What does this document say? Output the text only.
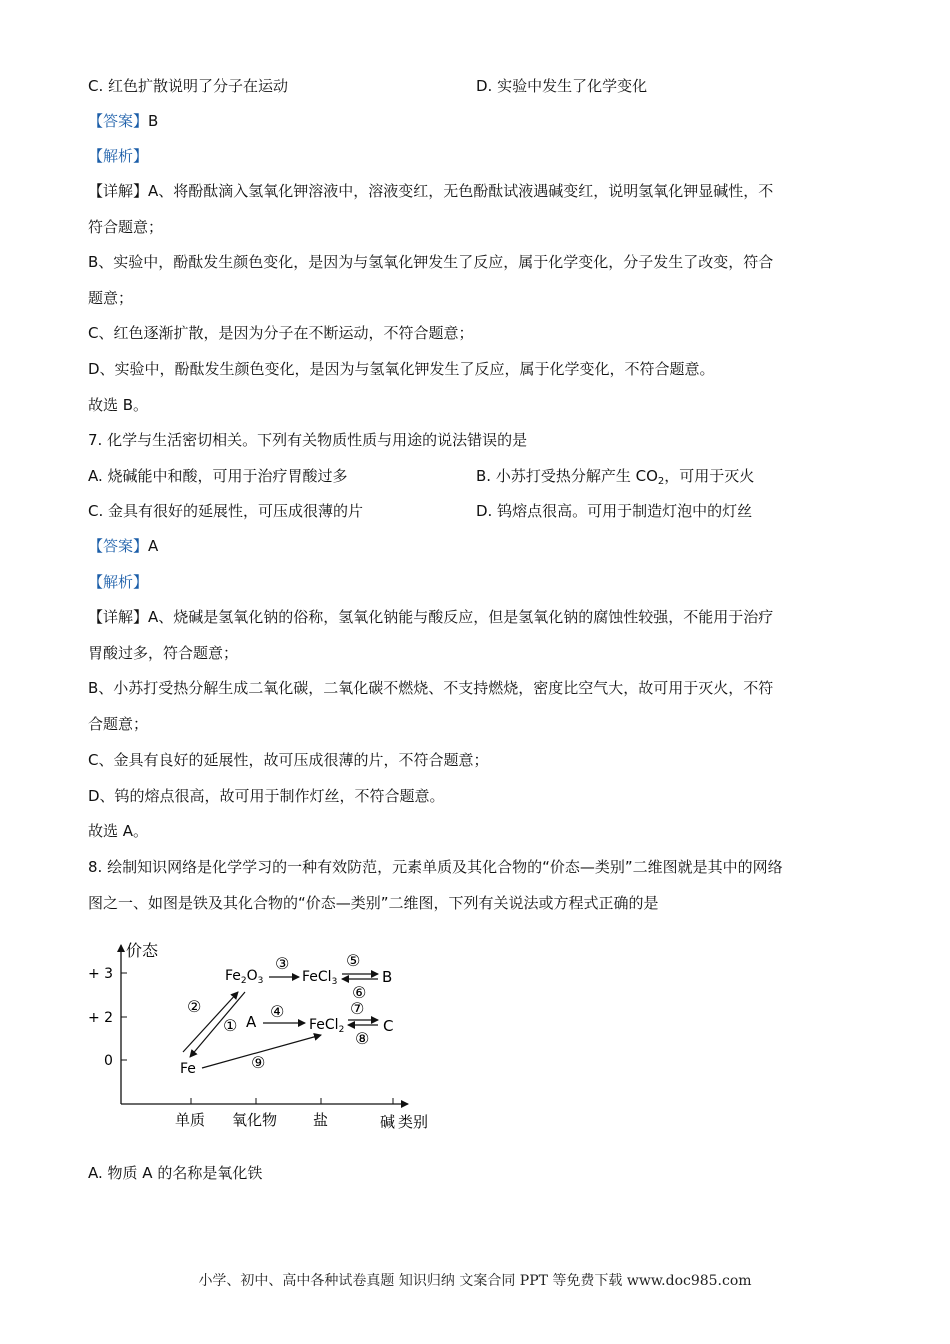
C. 红色扩散说明了分子在运动	D. 实验中发生了化学变化
【答案】B
【解析】
【详解】A、将酚酞滴入氢氧化钾溶液中，溶液变红，无色酚酞试液遇碱变红，说明氢氧化钾显碱性，不
符合题意；
B、实验中，酚酞发生颜色变化，是因为与氢氧化钾发生了反应，属于化学变化，分子发生了改变，符合
题意；
C、红色逐渐扩散，是因为分子在不断运动，不符合题意；
D、实验中，酚酞发生颜色变化，是因为与氢氧化钾发生了反应，属于化学变化，不符合题意。
故选 B。
7. 化学与生活密切相关。下列有关物质性质与用途的说法错误的是
A. 烧碱能中和酸，可用于治疗胃酸过多	B. 小苏打受热分解产生 $CO_2$，可用于灭火
C. 金具有很好的延展性，可压成很薄的片	D. 钨熔点很高。可用于制造灯泡中的灯丝
【答案】A
【解析】
【详解】A、烧碱是氢氧化钠的俗称，氢氧化钠能与酸反应，但是氢氧化钠的腐蚀性较强，不能用于治疗
胃酸过多，符合题意；
B、小苏打受热分解生成二氧化碳，二氧化碳不燃烧、不支持燃烧，密度比空气大，故可用于灭火，不符
合题意；
C、金具有良好的延展性，故可压成很薄的片，不符合题意；
D、钨的熔点很高，故可用于制作灯丝，不符合题意。
故选 A。
8. 绘制知识网络是化学学习的一种有效防范，元素单质及其化合物的“价态—类别”二维图就是其中的网络
图之一、如图是铁及其化合物的“价态—类别”二维图，下列有关说法或方程式正确的是
价态
+ 3
+ 2
0
单质 氧化物 盐	碱 类别
$Fe_2O_3$	FeCl$_3$	B
A	FeCl$_2$	C
Fe
②
①
③	⑤
⑥
④	⑦
⑧
⑨
A. 物质 A 的名称是氧化铁
小学、初中、高中各种试卷真题 知识归纳 文案合同 PPT 等免费下载 www.doc985.com
